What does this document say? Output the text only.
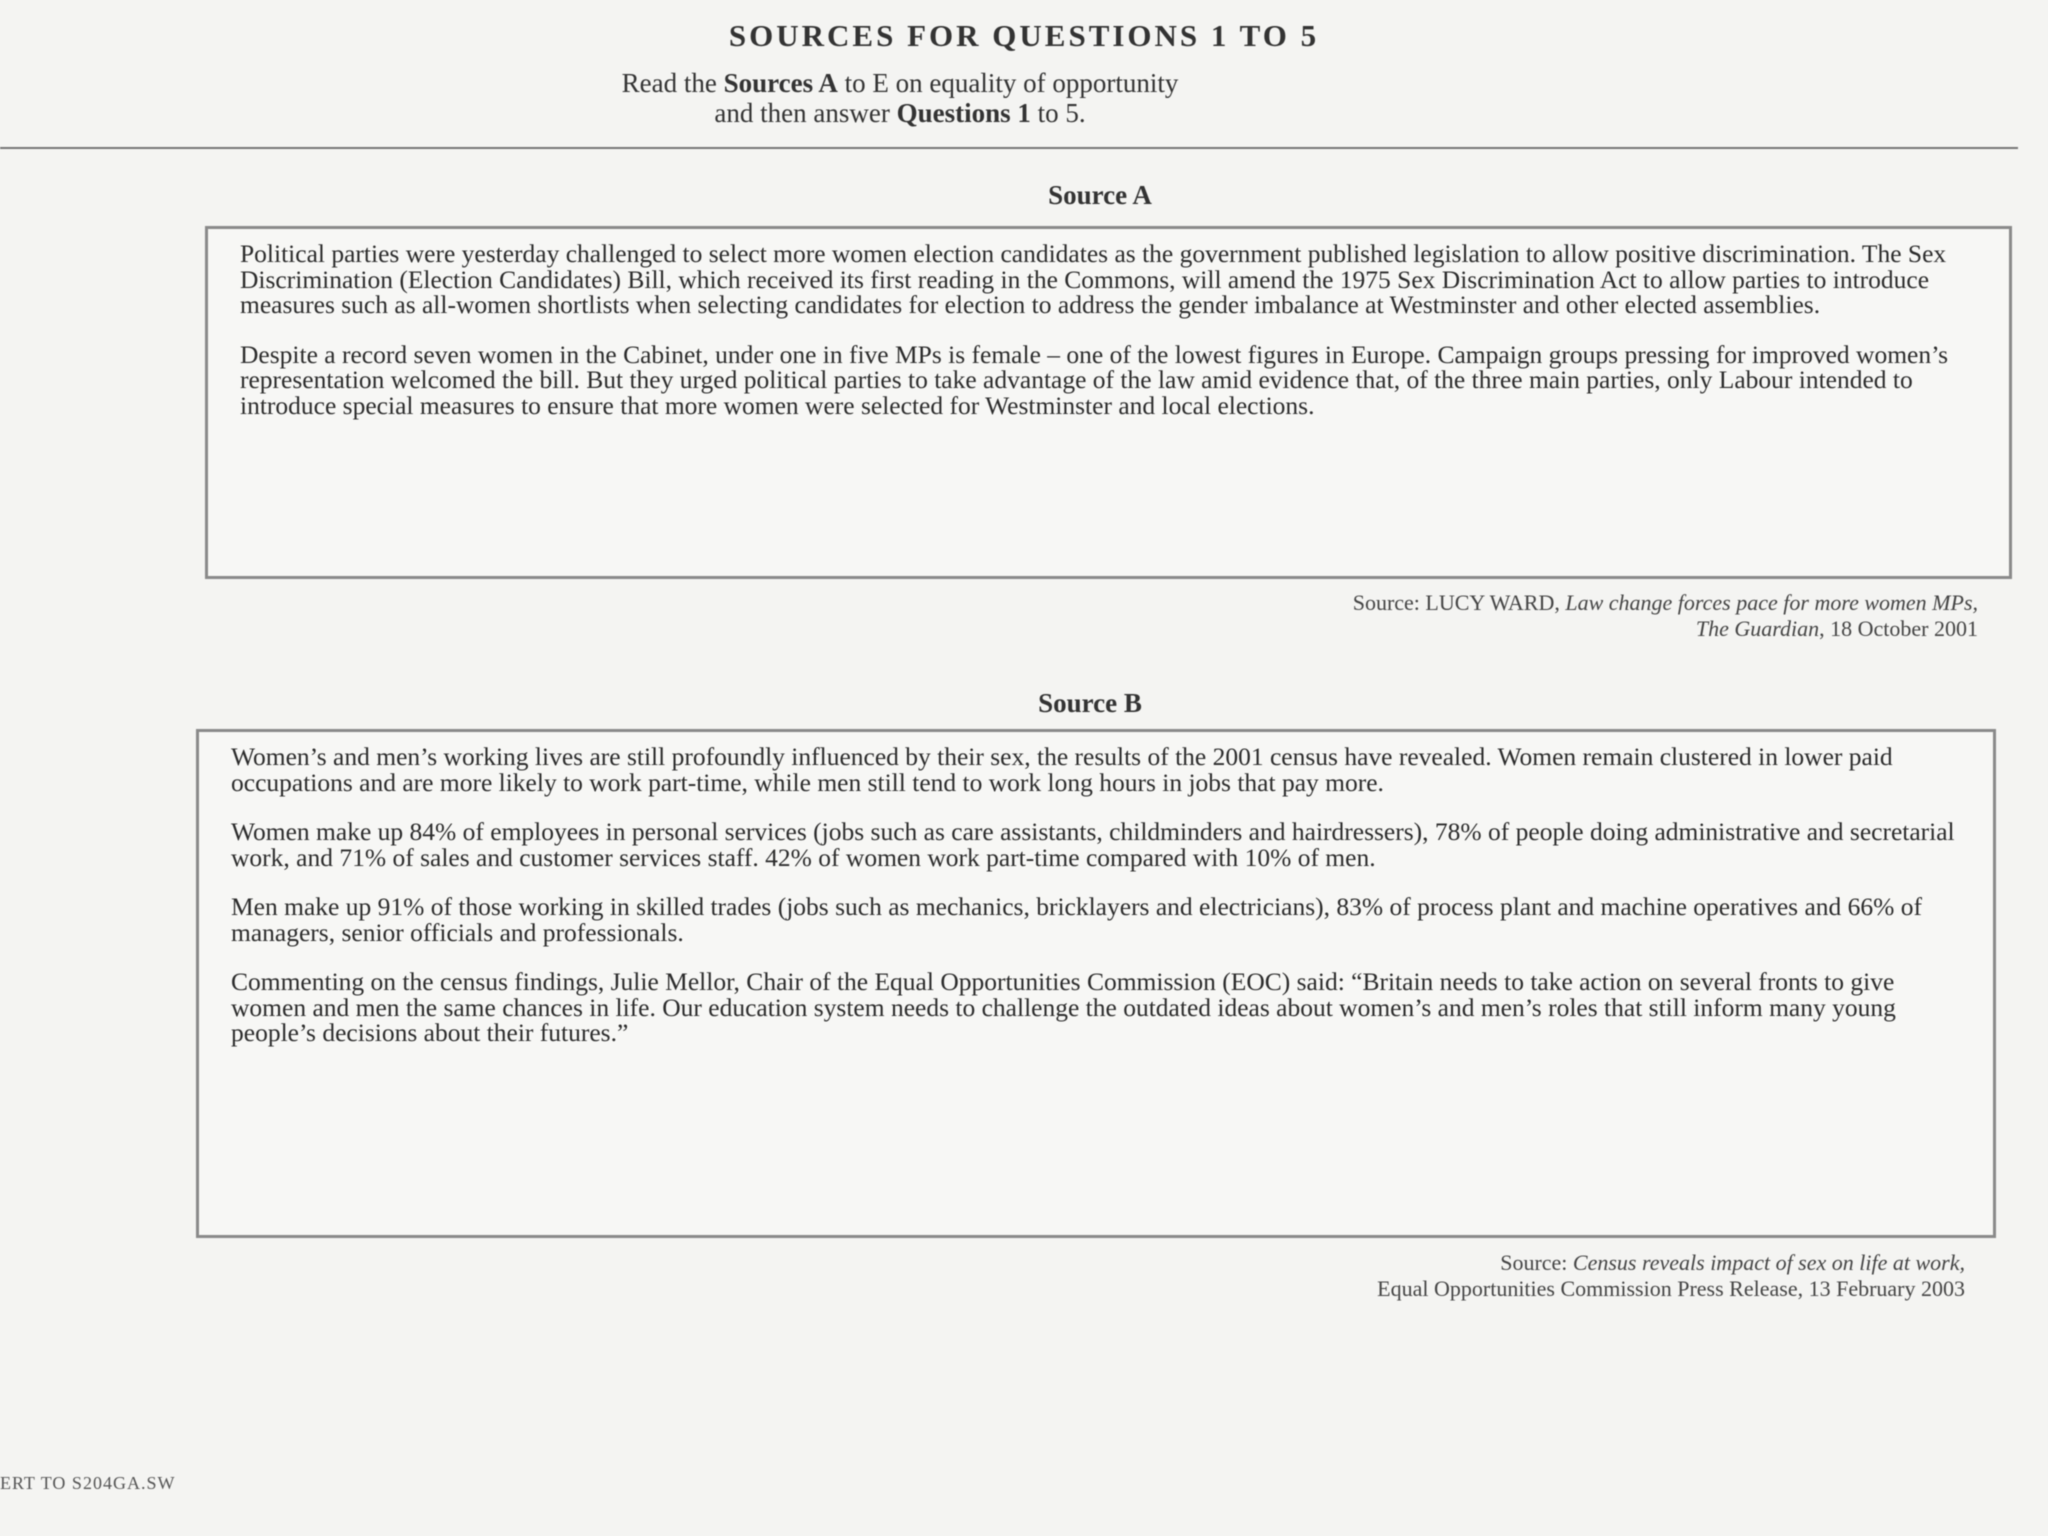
SOURCES FOR QUESTIONS 1 TO 5
Read the Sources A to E on equality of opportunity
and then answer Questions 1 to 5.
Source A

Political parties were yesterday challenged to select more women election candidates as the government published legislation to allow positive discrimination. The Sex Discrimination (Election Candidates) Bill, which received its first reading in the Commons, will amend the 1975 Sex Discrimination Act to allow parties to introduce measures such as all-women shortlists when selecting candidates for election to address the gender imbalance at Westminster and other elected assemblies.

Despite a record seven women in the Cabinet, under one in five MPs is female – one of the lowest figures in Europe. Campaign groups pressing for improved women’s representation welcomed the bill. But they urged political parties to take advantage of the law amid evidence that, of the three main parties, only Labour intended to introduce special measures to ensure that more women were selected for Westminster and local elections.

Source: LUCY WARD, Law change forces pace for more women MPs,
The Guardian, 18 October 2001
Source B

Women’s and men’s working lives are still profoundly influenced by their sex, the results of the 2001 census have revealed. Women remain clustered in lower paid occupations and are more likely to work part-time, while men still tend to work long hours in jobs that pay more.

Women make up 84% of employees in personal services (jobs such as care assistants, childminders and hairdressers), 78% of people doing administrative and secretarial work, and 71% of sales and customer services staff. 42% of women work part-time compared with 10% of men.

Men make up 91% of those working in skilled trades (jobs such as mechanics, bricklayers and electricians), 83% of process plant and machine operatives and 66% of managers, senior officials and professionals.

Commenting on the census findings, Julie Mellor, Chair of the Equal Opportunities Commission (EOC) said: “Britain needs to take action on several fronts to give women and men the same chances in life. Our education system needs to challenge the outdated ideas about women’s and men’s roles that still inform many young people’s decisions about their futures.”

Source: Census reveals impact of sex on life at work,
Equal Opportunities Commission Press Release, 13 February 2003
ERT TO S204GA.SW
